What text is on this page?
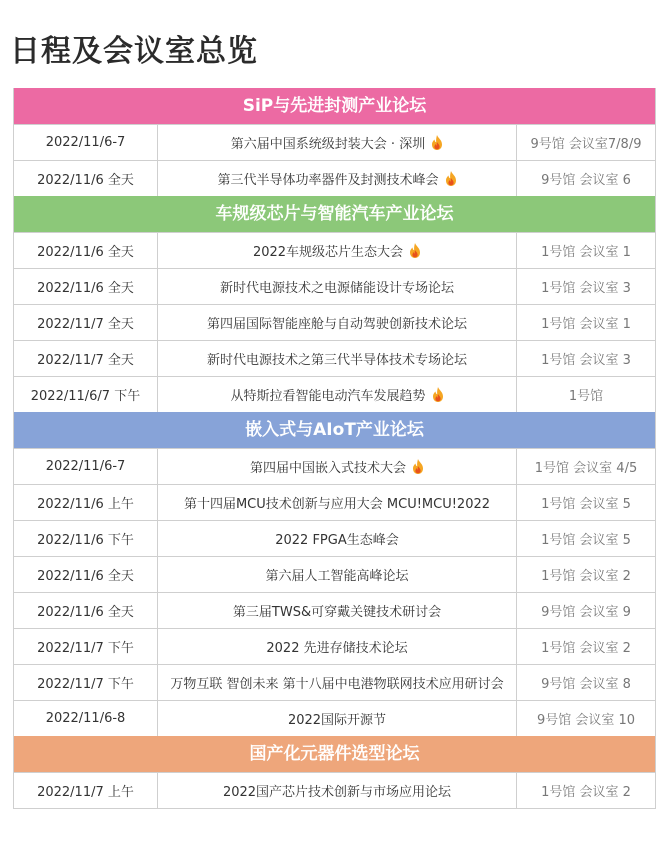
日程及会议室总览
SiP与先进封测产业论坛
2022/11/6-7	第六届中国系统级封装大会 · 深圳	9号馆 会议室7/8/9
2022/11/6 全天	第三代半导体功率器件及封测技术峰会	9号馆 会议室 6
车规级芯片与智能汽车产业论坛
2022/11/6 全天	2022车规级芯片生态大会	1号馆 会议室 1
2022/11/6 全天	新时代电源技术之电源储能设计专场论坛	1号馆 会议室 3
2022/11/7 全天	第四届国际智能座舱与自动驾驶创新技术论坛	1号馆 会议室 1
2022/11/7 全天	新时代电源技术之第三代半导体技术专场论坛	1号馆 会议室 3
2022/11/6/7 下午	从特斯拉看智能电动汽车发展趋势	1号馆
嵌入式与AIoT产业论坛
2022/11/6-7	第四届中国嵌入式技术大会	1号馆 会议室 4/5
2022/11/6 上午	第十四届MCU技术创新与应用大会 MCU!MCU!2022	1号馆 会议室 5
2022/11/6 下午	2022 FPGA生态峰会	1号馆 会议室 5
2022/11/6 全天	第六届人工智能高峰论坛	1号馆 会议室 2
2022/11/6 全天	第三届TWS&可穿戴关键技术研讨会	9号馆 会议室 9
2022/11/7 下午	2022 先进存储技术论坛	1号馆 会议室 2
2022/11/7 下午	万物互联 智创未来 第十八届中电港物联网技术应用研讨会	9号馆 会议室 8
2022/11/6-8	2022国际开源节	9号馆 会议室 10
国产化元器件选型论坛
2022/11/7 上午	2022国产芯片技术创新与市场应用论坛	1号馆 会议室 2
